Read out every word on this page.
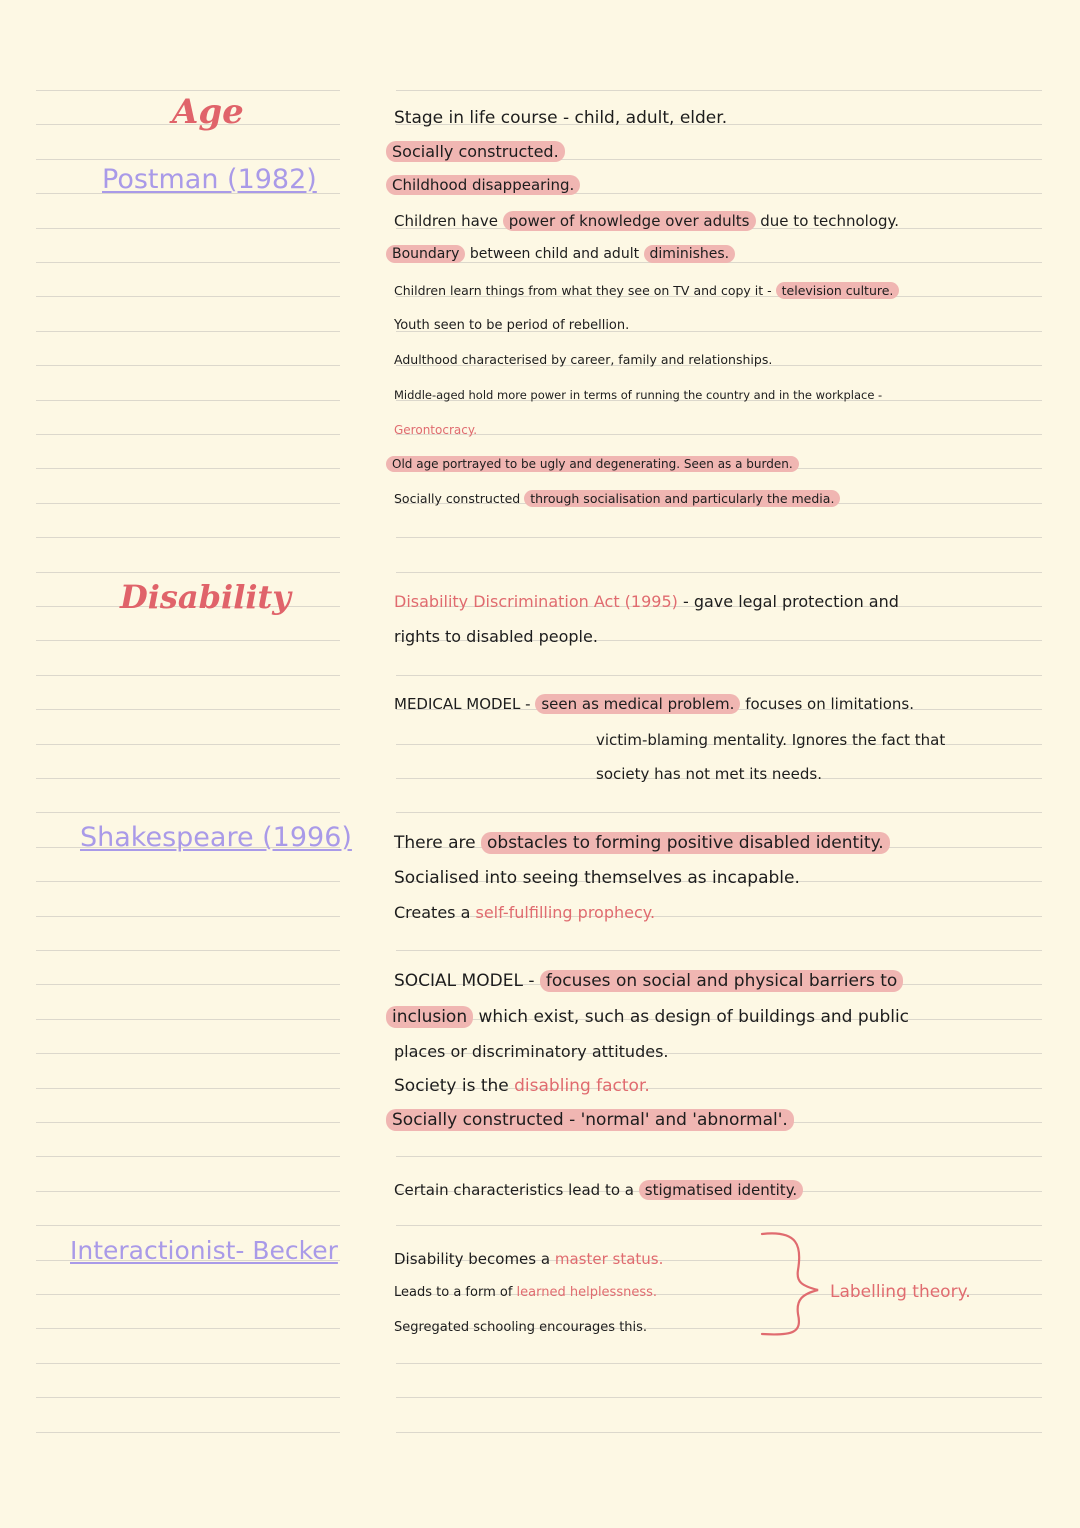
Age
Postman (1982)
Disability
Shakespeare (1996)
Interactionist- Becker
Stage in life course - child, adult, elder.
Socially constructed.
Childhood disappearing.
Children have power of knowledge over adults due to technology.
Boundary between child and adult diminishes.
Children learn things from what they see on TV and copy it - television culture.
Youth seen to be period of rebellion.
Adulthood characterised by career, family and relationships.
Middle-aged hold more power in terms of running the country and in the workplace -
Gerontocracy.
Old age portrayed to be ugly and degenerating. Seen as a burden.
Socially constructed through socialisation and particularly the media.
Disability Discrimination Act (1995) - gave legal protection and
rights to disabled people.
MEDICAL MODEL - seen as medical problem. focuses on limitations.
victim-blaming mentality. Ignores the fact that
society has not met its needs.
There are obstacles to forming positive disabled identity.
Socialised into seeing themselves as incapable.
Creates a self-fulfilling prophecy.
SOCIAL MODEL - focuses on social and physical barriers to
inclusion which exist, such as design of buildings and public
places or discriminatory attitudes.
Society is the disabling factor.
Socially constructed - 'normal' and 'abnormal'.
Certain characteristics lead to a stigmatised identity.
Disability becomes a master status.
Leads to a form of learned helplessness.
Segregated schooling encourages this.
Labelling theory.
